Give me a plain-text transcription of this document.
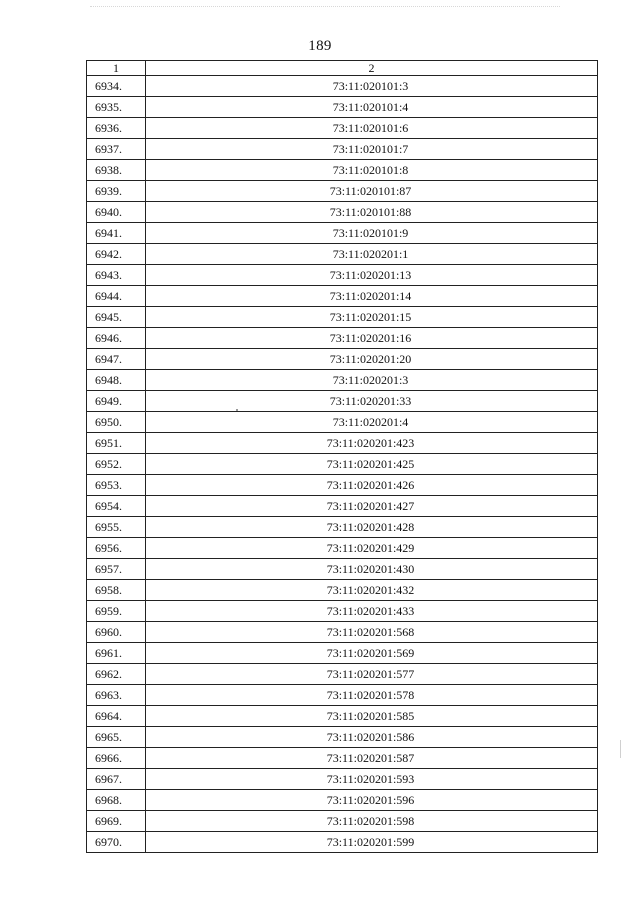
189
1	2
6934.	73:11:020101:3
6935.	73:11:020101:4
6936.	73:11:020101:6
6937.	73:11:020101:7
6938.	73:11:020101:8
6939.	73:11:020101:87
6940.	73:11:020101:88
6941.	73:11:020101:9
6942.	73:11:020201:1
6943.	73:11:020201:13
6944.	73:11:020201:14
6945.	73:11:020201:15
6946.	73:11:020201:16
6947.	73:11:020201:20
6948.	73:11:020201:3
6949.	73:11:020201:33
6950.	73:11:020201:4
6951.	73:11:020201:423
6952.	73:11:020201:425
6953.	73:11:020201:426
6954.	73:11:020201:427
6955.	73:11:020201:428
6956.	73:11:020201:429
6957.	73:11:020201:430
6958.	73:11:020201:432
6959.	73:11:020201:433
6960.	73:11:020201:568
6961.	73:11:020201:569
6962.	73:11:020201:577
6963.	73:11:020201:578
6964.	73:11:020201:585
6965.	73:11:020201:586
6966.	73:11:020201:587
6967.	73:11:020201:593
6968.	73:11:020201:596
6969.	73:11:020201:598
6970.	73:11:020201:599
